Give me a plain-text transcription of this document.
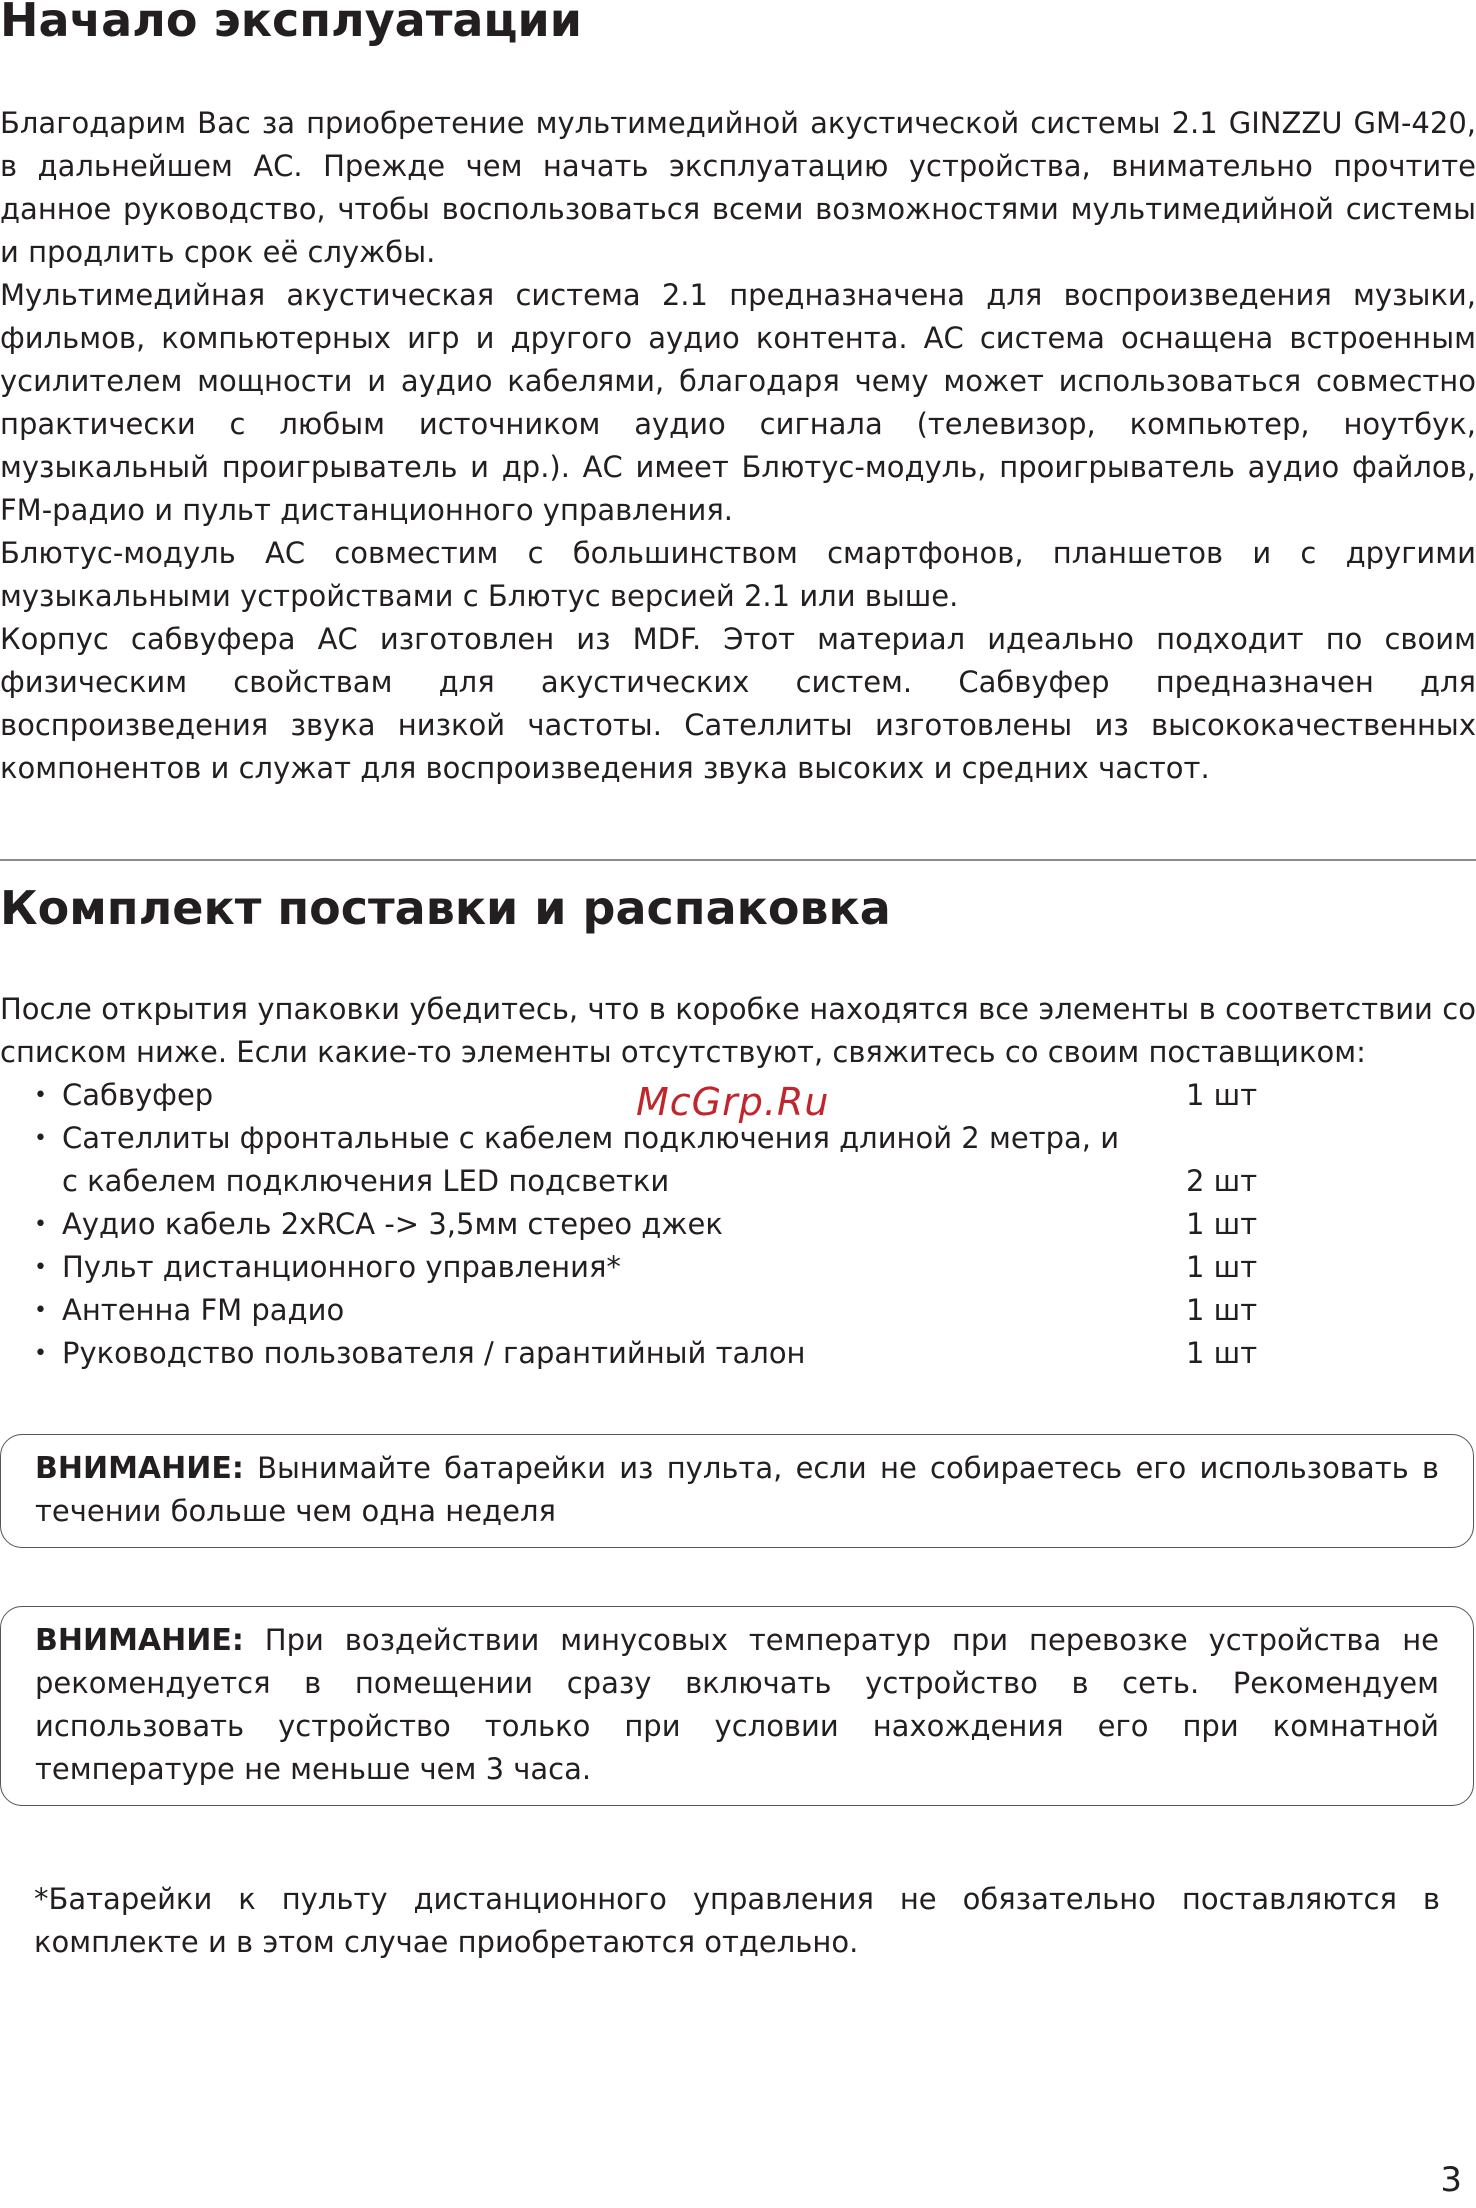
Начало эксплуатации

Благодарим Вас за приобретение мультимедийной акустической системы 2.1 GINZZU GM-420, в дальнейшем АС. Прежде чем начать эксплуатацию устройства, внимательно прочтите данное руководство, чтобы воспользоваться всеми возможностями мультимедийной системы и продлить срок её службы.

Мультимедийная акустическая система 2.1 предназначена для воспроизведения музыки, фильмов, компьютерных игр и другого аудио контента. АС система оснащена встроенным усилителем мощности и аудио кабелями, благодаря чему может использоваться совместно практически с любым источником аудио сигнала (телевизор, компьютер, ноутбук, музыкальный проигрыватель и др.). АС имеет Блютус-модуль, проигрыватель аудио файлов, FM-радио и пульт дистанционного управления.

Блютус-модуль АС совместим с большинством смартфонов, планшетов и с другими музыкальными устройствами с Блютус версией 2.1 или выше.

Корпус сабвуфера АС изготовлен из MDF. Этот материал идеально подходит по своим физическим свойствам для акустических систем. Сабвуфер предназначен для воспроизведения звука низкой частоты. Сателлиты изготовлены из высококачественных компонентов и служат для воспроизведения звука высоких и средних частот.

Комплект поставки и распаковка
После открытия упаковки убедитесь, что в коробке находятся все элементы в соответствии со списком ниже. Если какие-то элементы отсутствуют, свяжитесь со своим поставщиком:
• Сабвуфер	1 шт
• Сателлиты фронтальные с кабелем подключения длиной 2 метра, и
с кабелем подключения LED подсветки	2 шт
• Аудио кабель 2xRCA -> 3,5мм стерео джек	1 шт
• Пульт дистанционного управления*	1 шт
• Антенна FM радио	1 шт
• Руководство пользователя / гарантийный талон	1 шт
McGrp.Ru
ВНИМАНИЕ: Вынимайте батарейки из пульта, если не собираетесь его использовать в течении больше чем одна неделя
ВНИМАНИЕ: При воздействии минусовых температур при перевозке устройства не рекомендуется в помещении сразу включать устройство в сеть. Рекомендуем использовать устройство только при условии нахождения его при комнатной температуре не меньше чем 3 часа.
*Батарейки к пульту дистанционного управления не обязательно поставляются в комплекте и в этом случае приобретаются отдельно.
3
